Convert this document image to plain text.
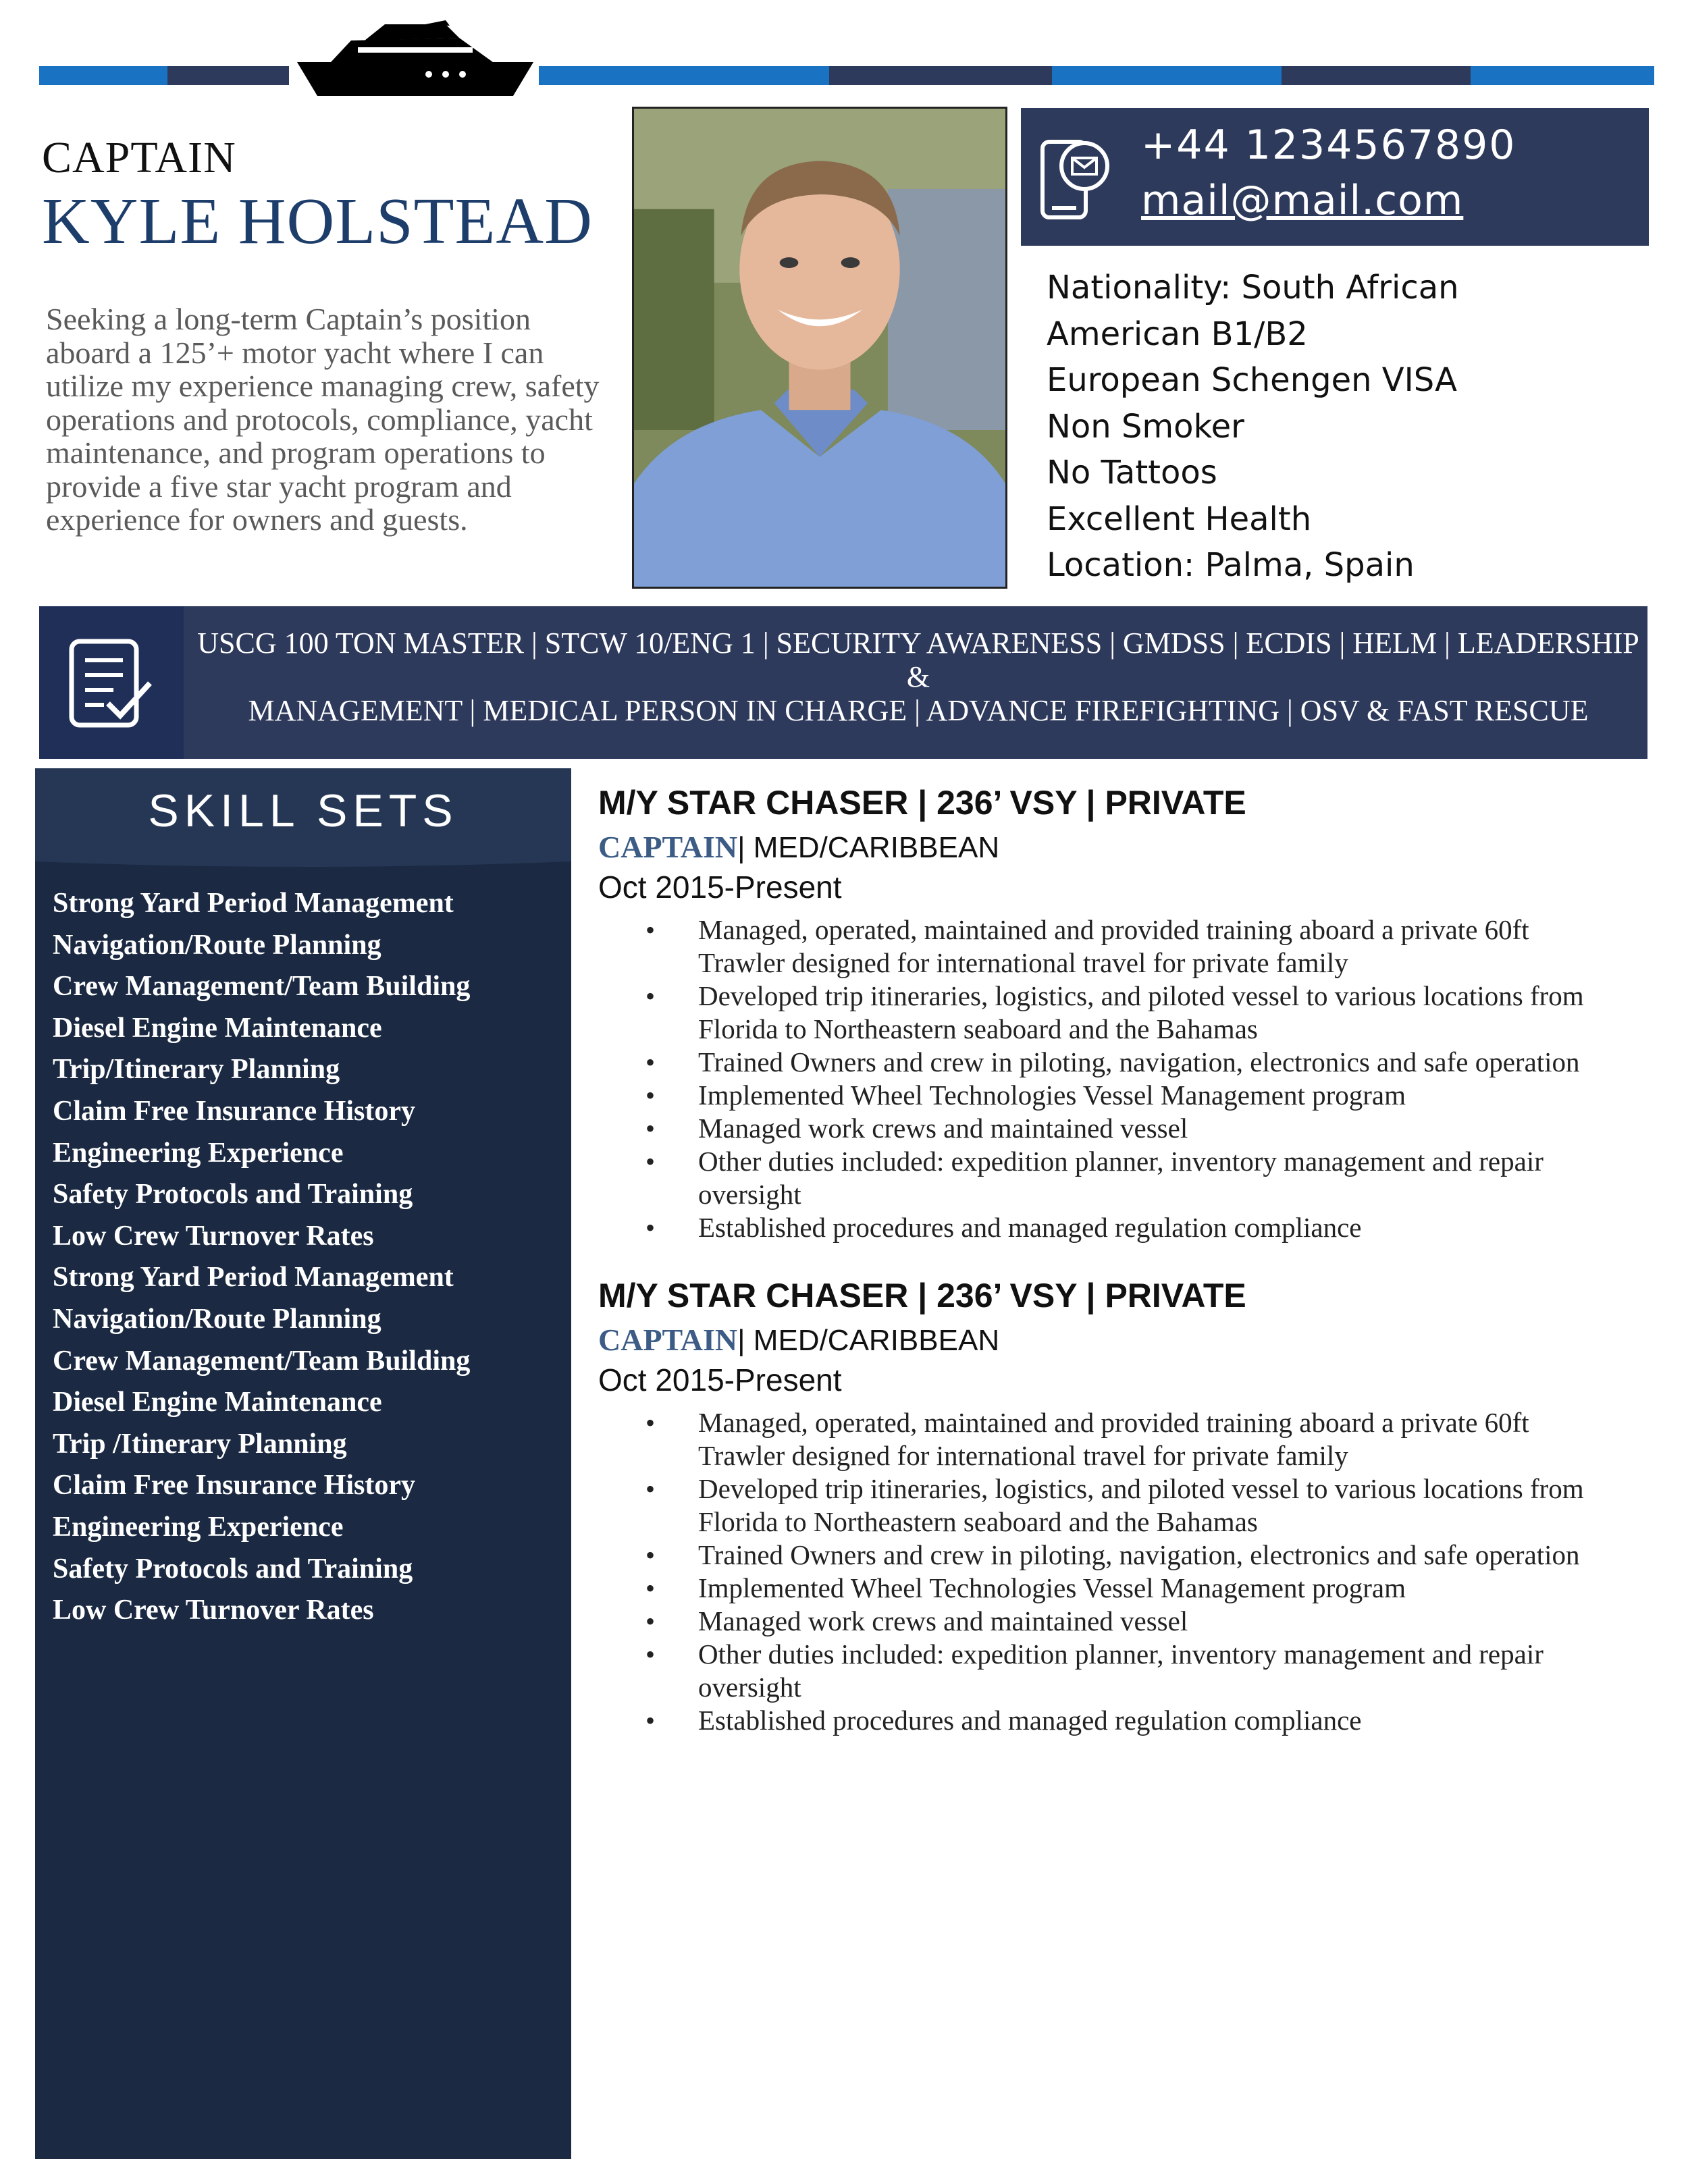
CAPTAIN
KYLE HOLSTEAD
Seeking a long-term Captain’s position aboard a 125’+ motor yacht where I can utilize my experience managing crew, safety operations and protocols, compliance, yacht maintenance, and program operations to provide a five star yacht program and experience for owners and guests.
+44 1234567890
mail@mail.com
Nationality: South African
American B1/B2
European Schengen VISA
Non Smoker
No Tattoos
Excellent Health
Location: Palma, Spain
USCG 100 TON MASTER | STCW 10/ENG 1 | SECURITY AWARENESS | GMDSS | ECDIS | HELM | LEADERSHIP &
MANAGEMENT | MEDICAL PERSON IN CHARGE | ADVANCE FIREFIGHTING | OSV & FAST RESCUE
SKILL SETS
Strong Yard Period Management
Navigation/Route Planning
Crew Management/Team Building
Diesel Engine Maintenance
Trip/Itinerary Planning
Claim Free Insurance History
Engineering Experience
Safety Protocols and Training
Low Crew Turnover Rates
Strong Yard Period Management
Navigation/Route Planning
Crew Management/Team Building
Diesel Engine Maintenance
Trip /Itinerary Planning
Claim Free Insurance History
Engineering Experience
Safety Protocols and Training
Low Crew Turnover Rates
M/Y STAR CHASER | 236’ VSY | PRIVATE
CAPTAIN| MED/CARIBBEAN
Oct 2015-Present
• Managed, operated, maintained and provided training aboard a private 60ft
Trawler designed for international travel for private family
• Developed trip itineraries, logistics, and piloted vessel to various locations from
Florida to Northeastern seaboard and the Bahamas
• Trained Owners and crew in piloting, navigation, electronics and safe operation
• Implemented Wheel Technologies Vessel Management program
• Managed work crews and maintained vessel
• Other duties included: expedition planner, inventory management and repair
oversight
• Established procedures and managed regulation compliance
M/Y STAR CHASER | 236’ VSY | PRIVATE
CAPTAIN| MED/CARIBBEAN
Oct 2015-Present
• Managed, operated, maintained and provided training aboard a private 60ft
Trawler designed for international travel for private family
• Developed trip itineraries, logistics, and piloted vessel to various locations from
Florida to Northeastern seaboard and the Bahamas
• Trained Owners and crew in piloting, navigation, electronics and safe operation
• Implemented Wheel Technologies Vessel Management program
• Managed work crews and maintained vessel
• Other duties included: expedition planner, inventory management and repair
oversight
• Established procedures and managed regulation compliance
